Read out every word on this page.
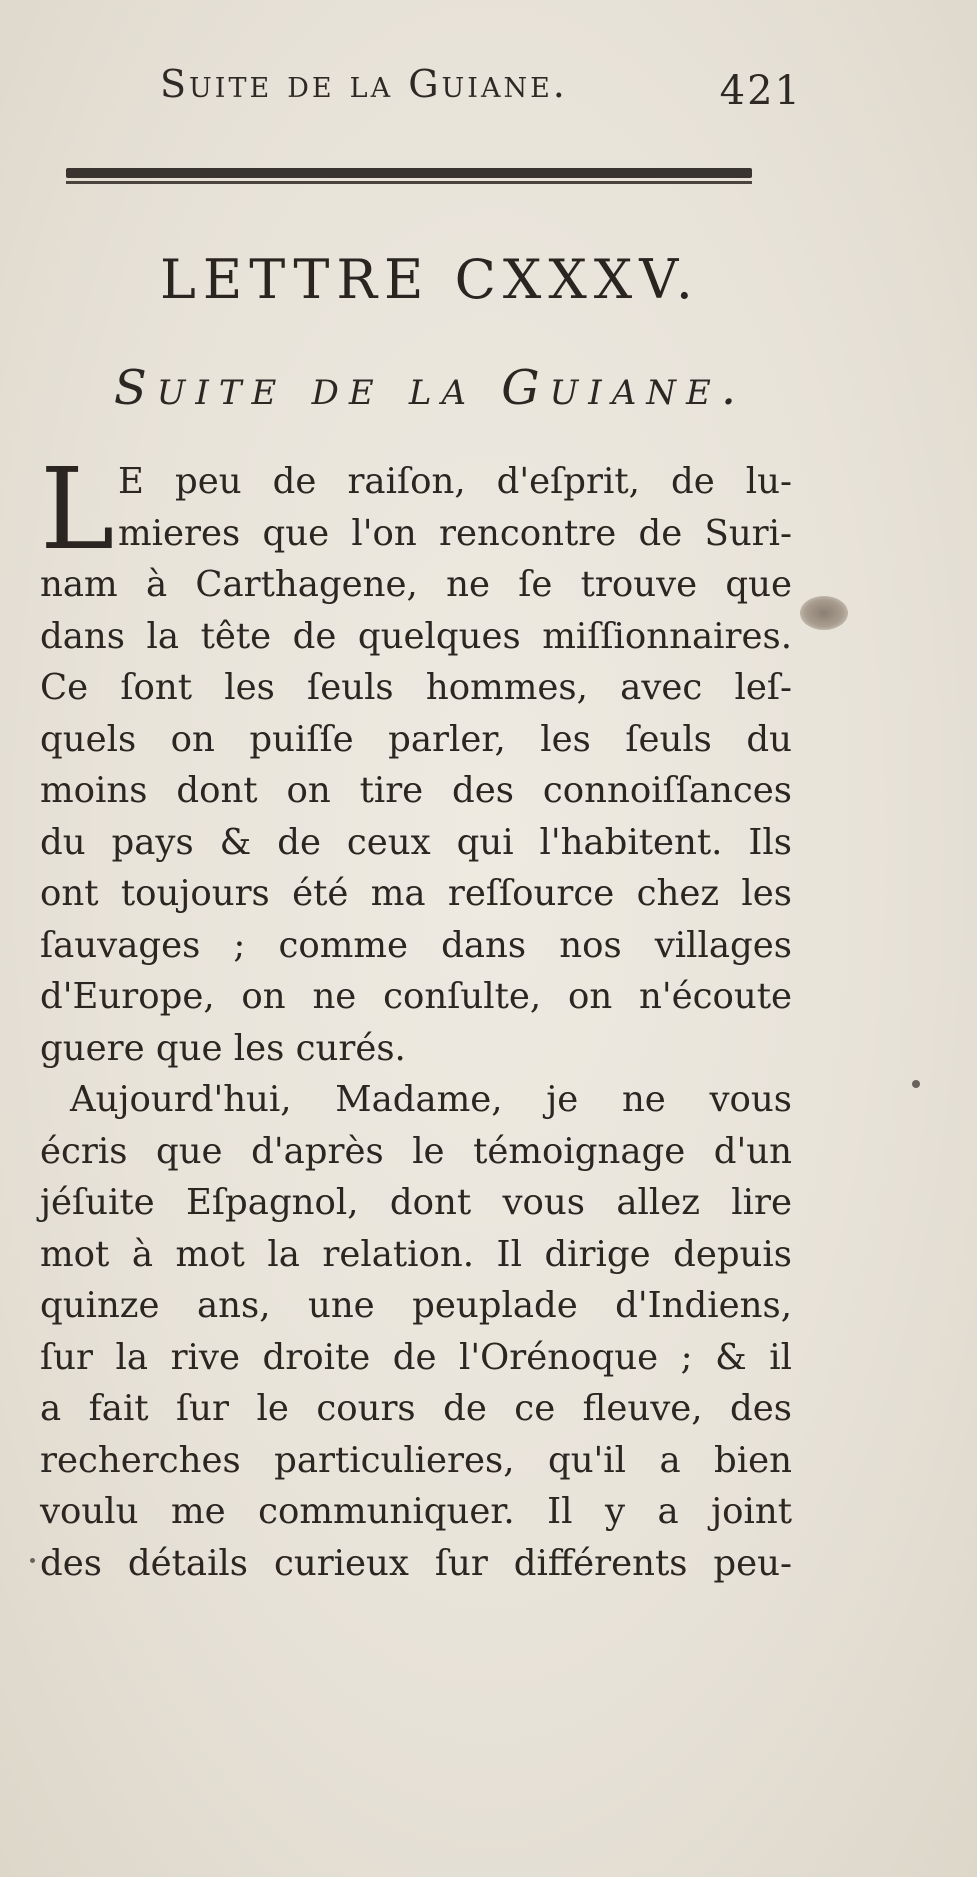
Suite de la Guiane.	421
LETTRE CXXXV.
Suite de la Guiane.
L E peu de raiſon, d'eſprit, de lu-
mieres que l'on rencontre de Suri-
nam à Carthagene, ne ſe trouve que
dans la tête de quelques miſſionnaires.
Ce ſont les ſeuls hommes, avec leſ-
quels on puiſſe parler, les ſeuls du
moins dont on tire des connoiſſances
du pays & de ceux qui l'habitent. Ils
ont toujours été ma reſſource chez les
ſauvages ; comme dans nos villages
d'Europe, on ne conſulte, on n'écoute
guere que les curés.
Aujourd'hui, Madame, je ne vous
écris que d'après le témoignage d'un
jéſuite Eſpagnol, dont vous allez lire
mot à mot la relation. Il dirige depuis
quinze ans, une peuplade d'Indiens,
ſur la rive droite de l'Orénoque ; & il
a fait ſur le cours de ce fleuve, des
recherches particulieres, qu'il a bien
voulu me communiquer. Il y a joint
des détails curieux ſur différents peu-
